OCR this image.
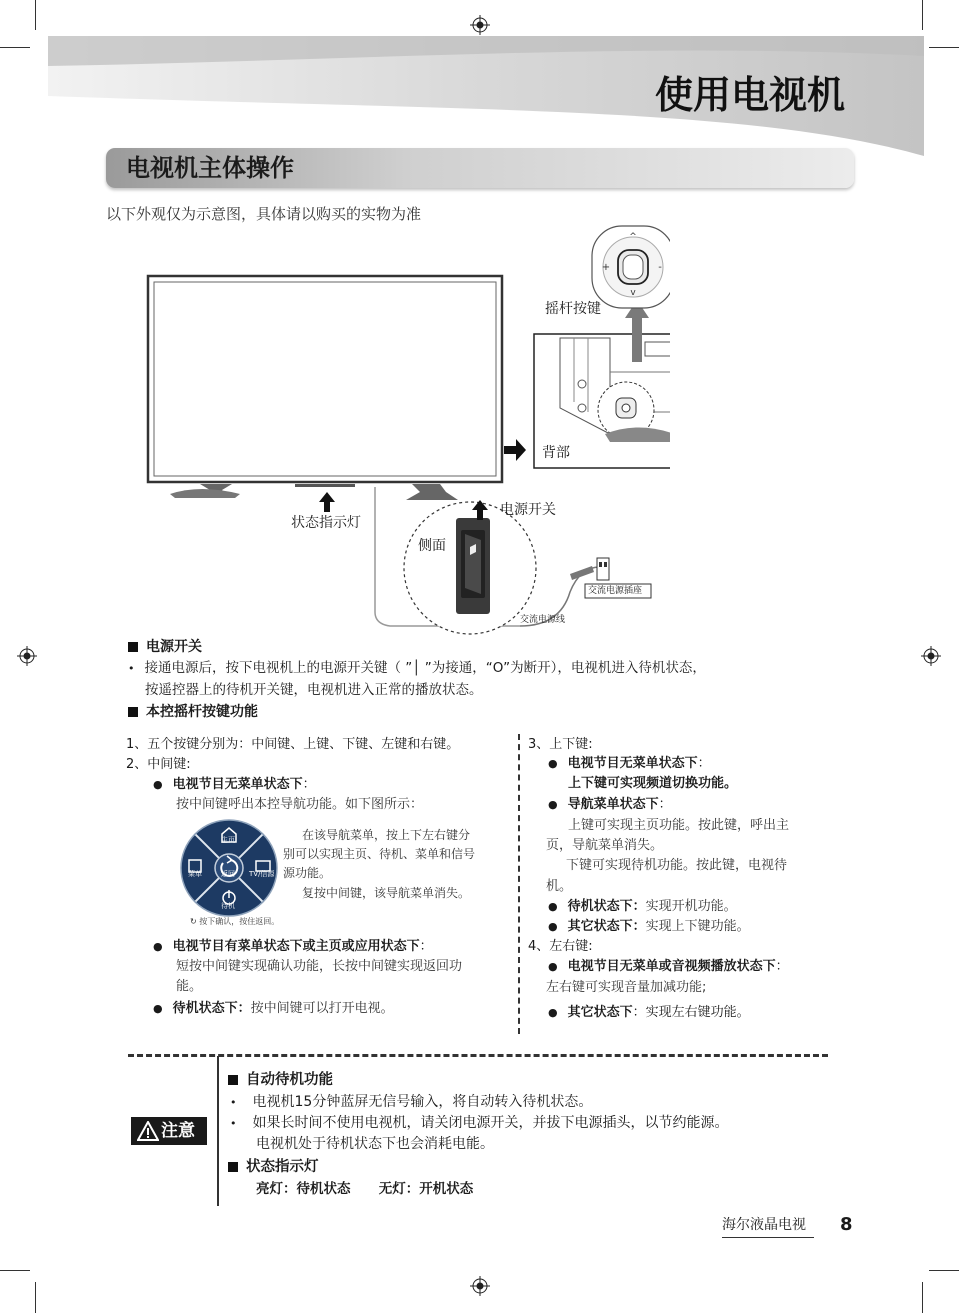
使用电视机
电视机主体操作
以下外观仅为示意图，具体请以购买的实物为准
^
v
+	-
摇杆按键
背部
电源开关
侧面
状态指示灯
交流电源插座
交流电源线
电源开关
• 接通电源后，按下电视机上的电源开关键（ ”│ ”为接通，“O”为断开），电视机进入待机状态，
按遥控器上的待机开关键，电视机进入正常的播放状态。
本控摇杆按键功能
1、五个按键分别为：中间键、上键、下键、左键和右键。
2、中间键:
● 电视节目无菜单状态下：
按中间键呼出本控导航功能。如下图所示：
主页
菜单	返回 TV/信源
待机
↻ 按下确认，按住返回。
在该导航菜单，按上下左右键分
别可以实现主页、待机、菜单和信号
源功能。
复按中间键，该导航菜单消失。
● 电视节目有菜单状态下或主页或应用状态下：
短按中间键实现确认功能，长按中间键实现返回功
能。
● 待机状态下：按中间键可以打开电视。
3、上下键:
● 电视节目无菜单状态下：
上下键可实现频道切换功能。
● 导航菜单状态下：
上键可实现主页功能。按此键，呼出主
页，导航菜单消失。
下键可实现待机功能。按此键，电视待
机。
● 待机状态下：实现开机功能。
● 其它状态下：实现上下键功能。
4、左右键:
● 电视节目无菜单或音视频播放状态下：
左右键可实现音量加减功能;
● 其它状态下：实现左右键功能。
注意
自动待机功能
• 电视机15分钟蓝屏无信号输入，将自动转入待机状态。
• 如果长时间不使用电视机，请关闭电源开关，并拔下电源插头，以节约能源。
电视机处于待机状态下也会消耗电能。
状态指示灯
亮灯：待机状态      无灯：开机状态
海尔液晶电视 8
